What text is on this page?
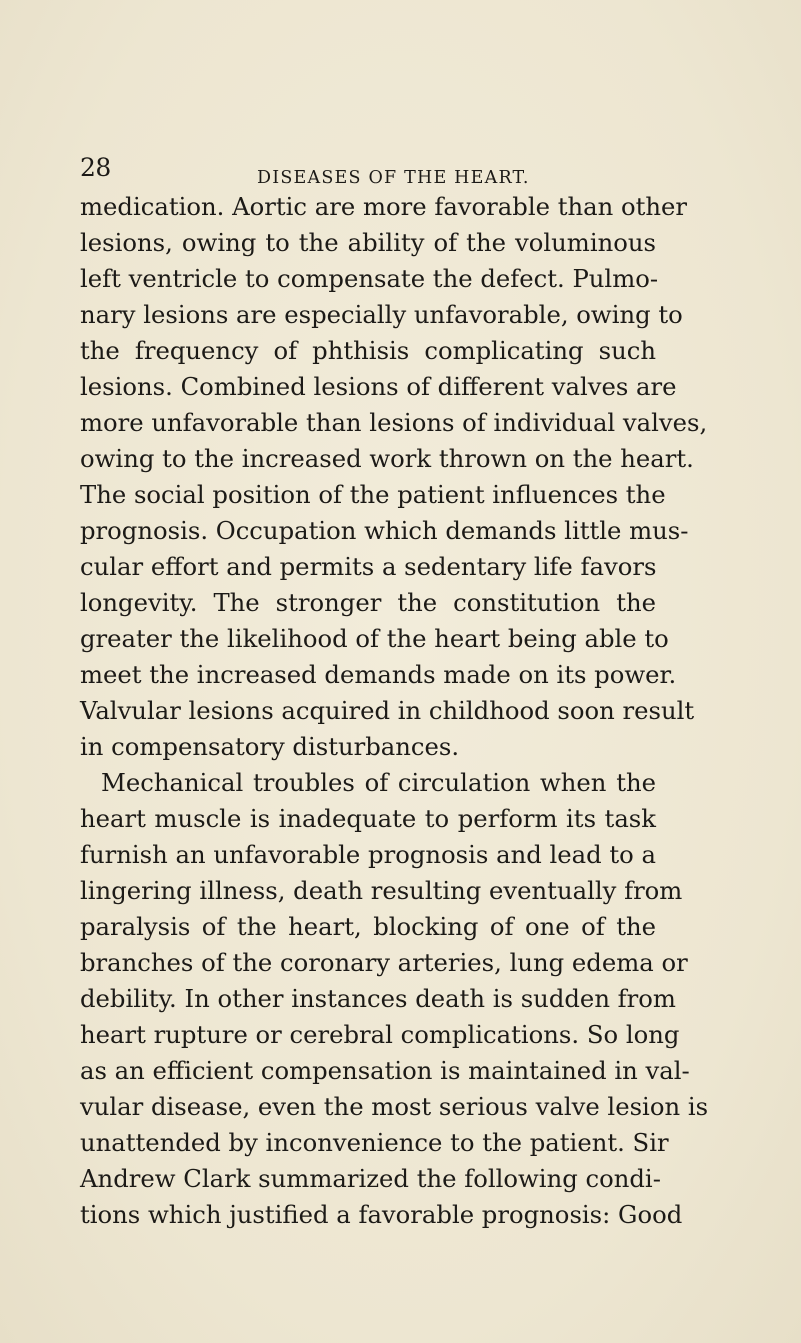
28	DISEASES OF THE HEART.
medication. Aortic are more favorable than other
lesions, owing to the ability of the voluminous
left ventricle to compensate the defect. Pulmo-
nary lesions are especially unfavorable, owing to
the frequency of phthisis complicating such
lesions. Combined lesions of different valves are
more unfavorable than lesions of individual valves,
owing to the increased work thrown on the heart.
The social position of the patient influences the
prognosis. Occupation which demands little mus-
cular effort and permits a sedentary life favors
longevity. The stronger the constitution the
greater the likelihood of the heart being able to
meet the increased demands made on its power.
Valvular lesions acquired in childhood soon result
in compensatory disturbances.
Mechanical troubles of circulation when the
heart muscle is inadequate to perform its task
furnish an unfavorable prognosis and lead to a
lingering illness, death resulting eventually from
paralysis of the heart, blocking of one of the
branches of the coronary arteries, lung edema or
debility. In other instances death is sudden from
heart rupture or cerebral complications. So long
as an efficient compensation is maintained in val-
vular disease, even the most serious valve lesion is
unattended by inconvenience to the patient. Sir
Andrew Clark summarized the following condi-
tions which justified a favorable prognosis: Good
